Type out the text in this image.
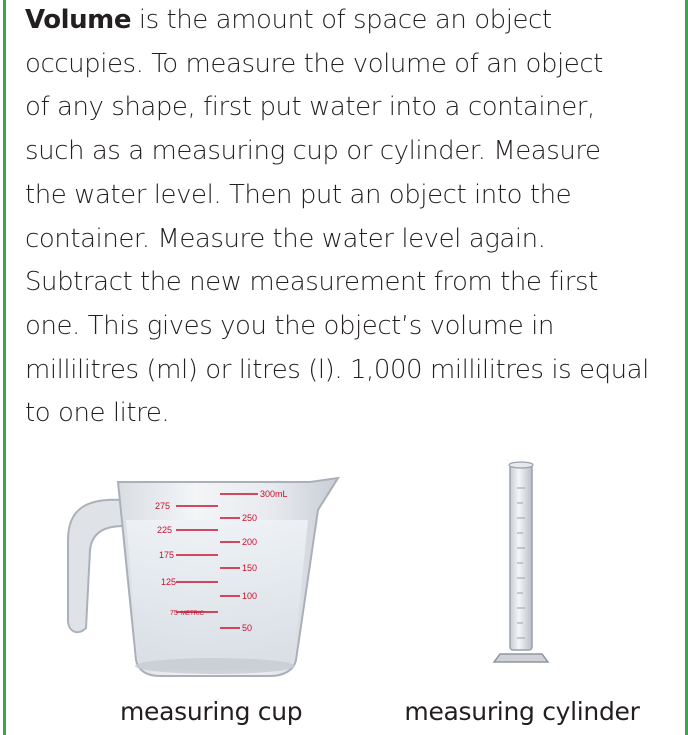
Volume is the amount of space an object
occupies. To measure the volume of an object
of any shape, first put water into a container,
such as a measuring cup or cylinder. Measure
the water level. Then put an object into the
container. Measure the water level again.
Subtract the new measurement from the first
one. This gives you the object’s volume in
millilitres (ml) or litres (l). 1,000 millilitres is equal
to one litre.

300mL
250
200
150
100
50
275
225
175
125
75 METRIC
measuring cup	measuring cylinder
